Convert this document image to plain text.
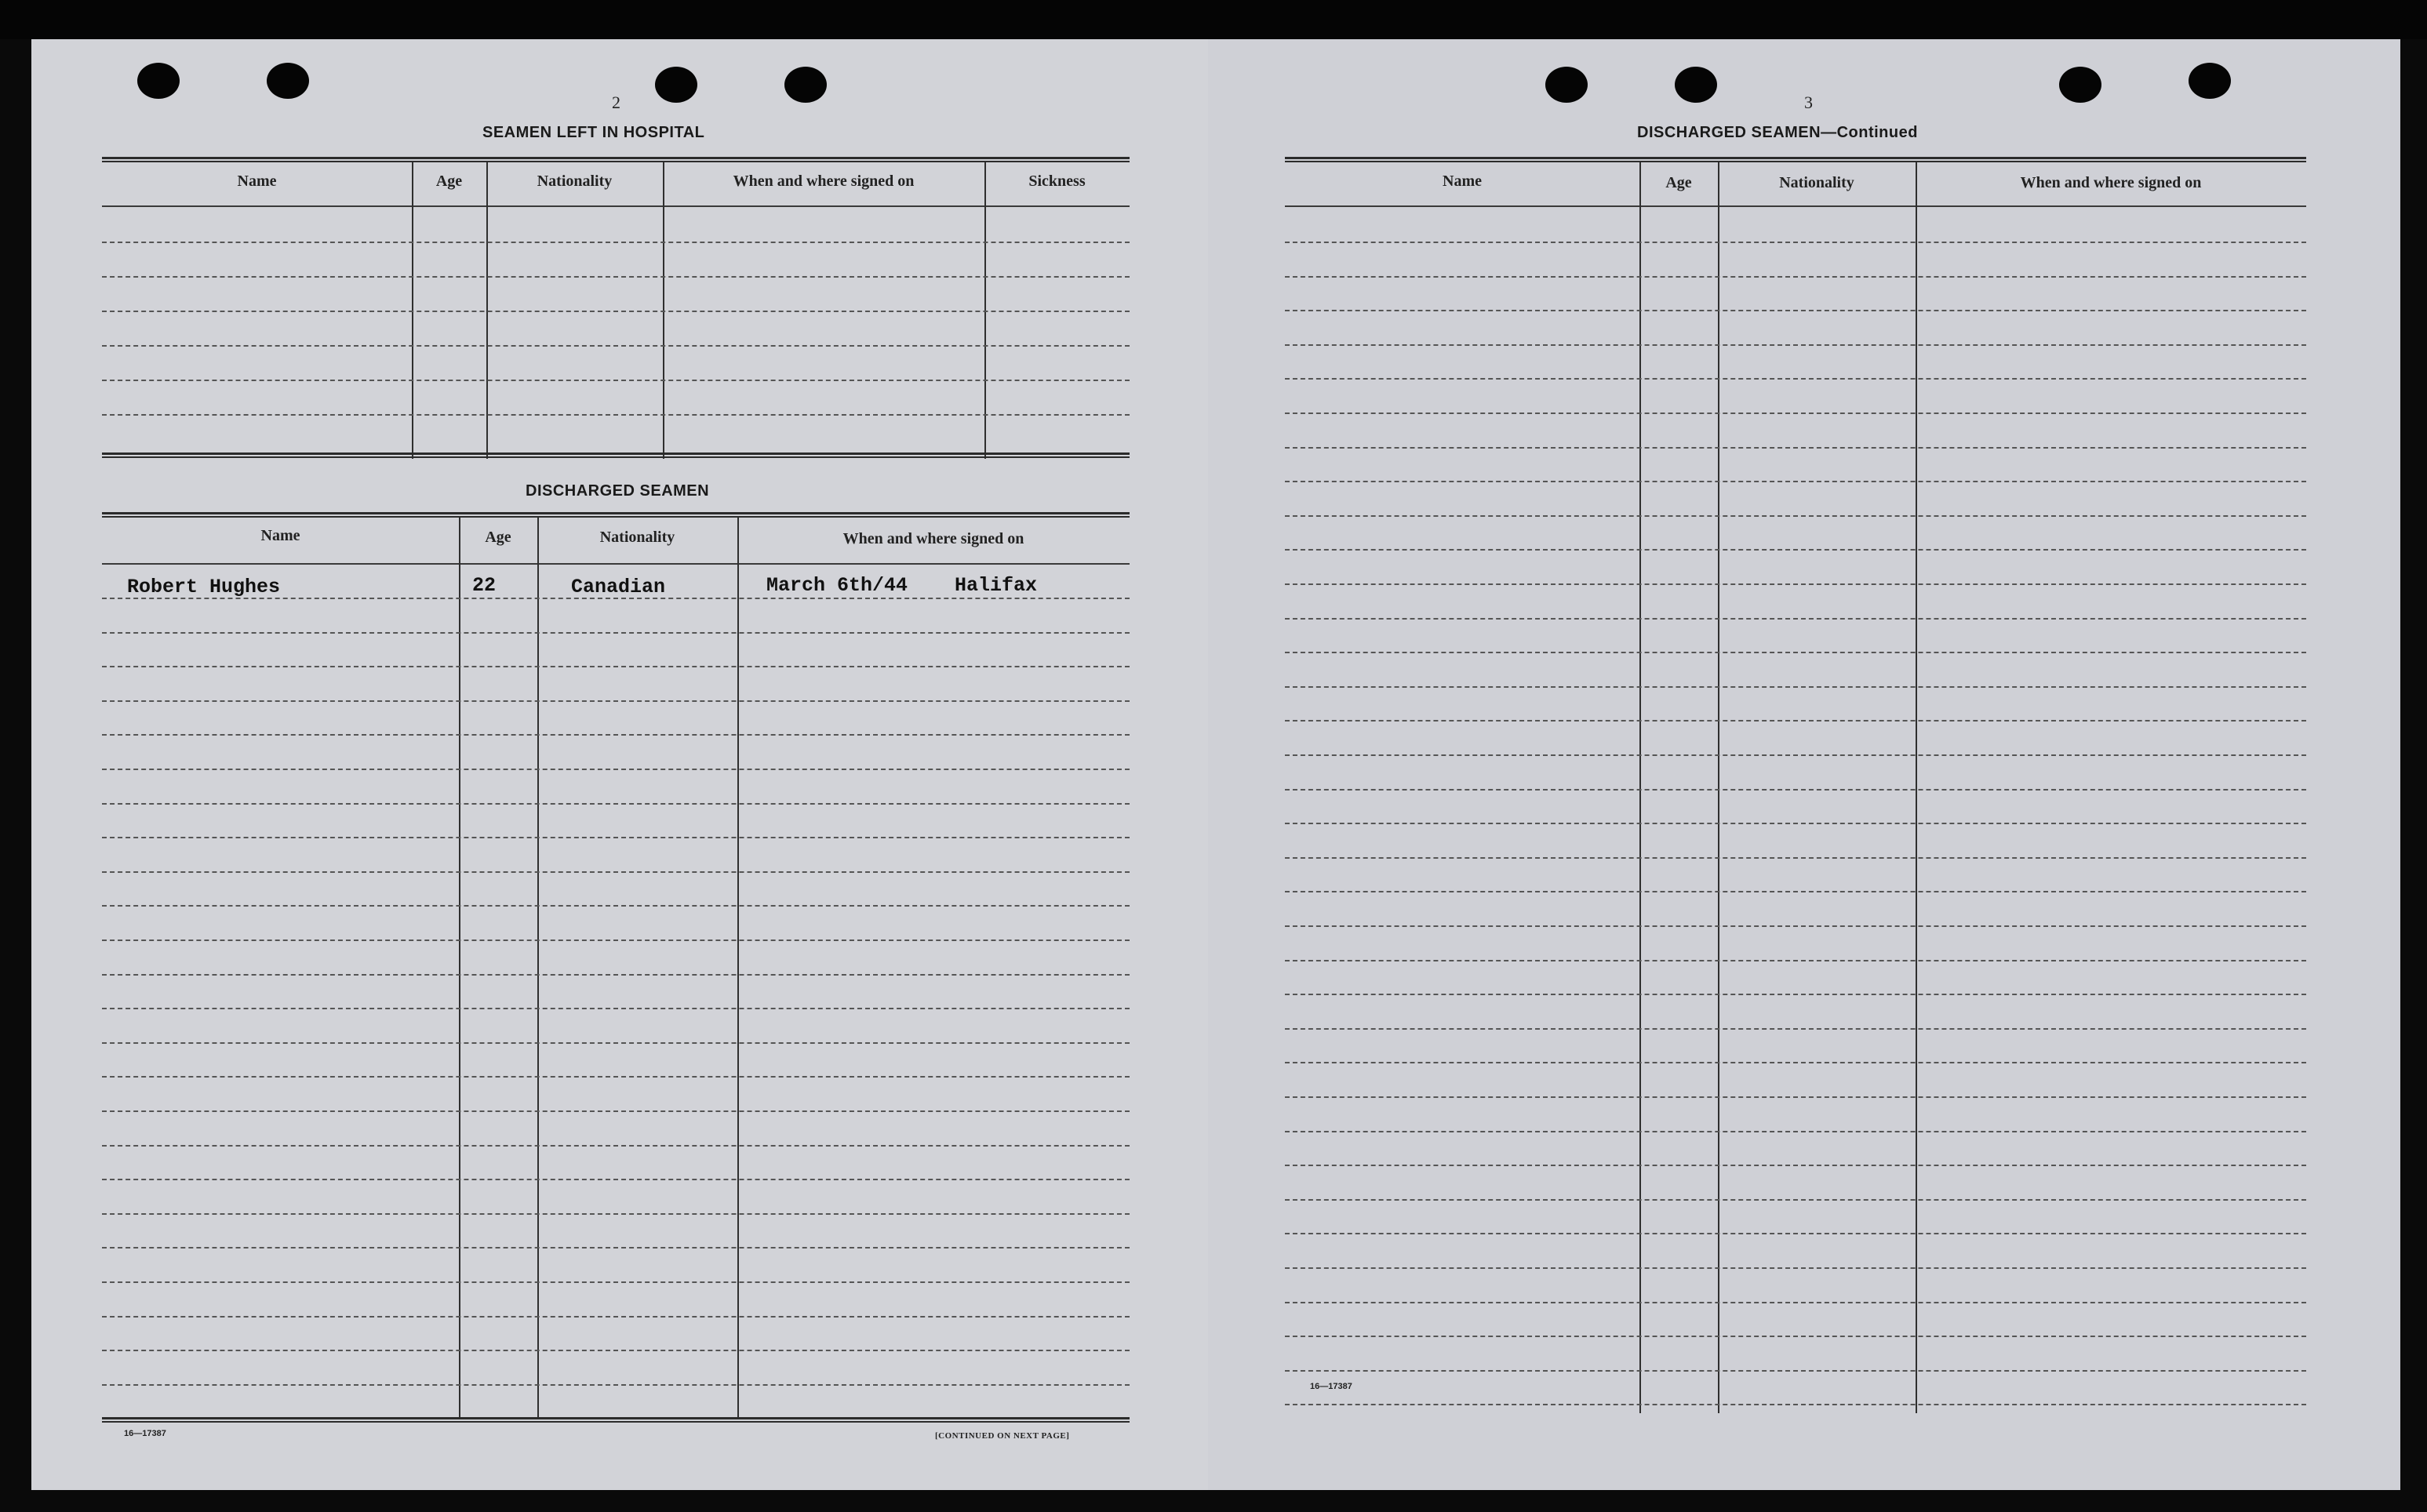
2
SEAMEN LEFT IN HOSPITAL
Name	Age	Nationality	When and where signed on	Sickness
DISCHARGED SEAMEN
Name	Age	Nationality	When and where signed on
Robert Hughes	22	Canadian	March 6th/44 Halifax
16—17387	[CONTINUED ON NEXT PAGE]
3
DISCHARGED SEAMEN—Continued
Name	Age	Nationality	When and where signed on
16—17387
